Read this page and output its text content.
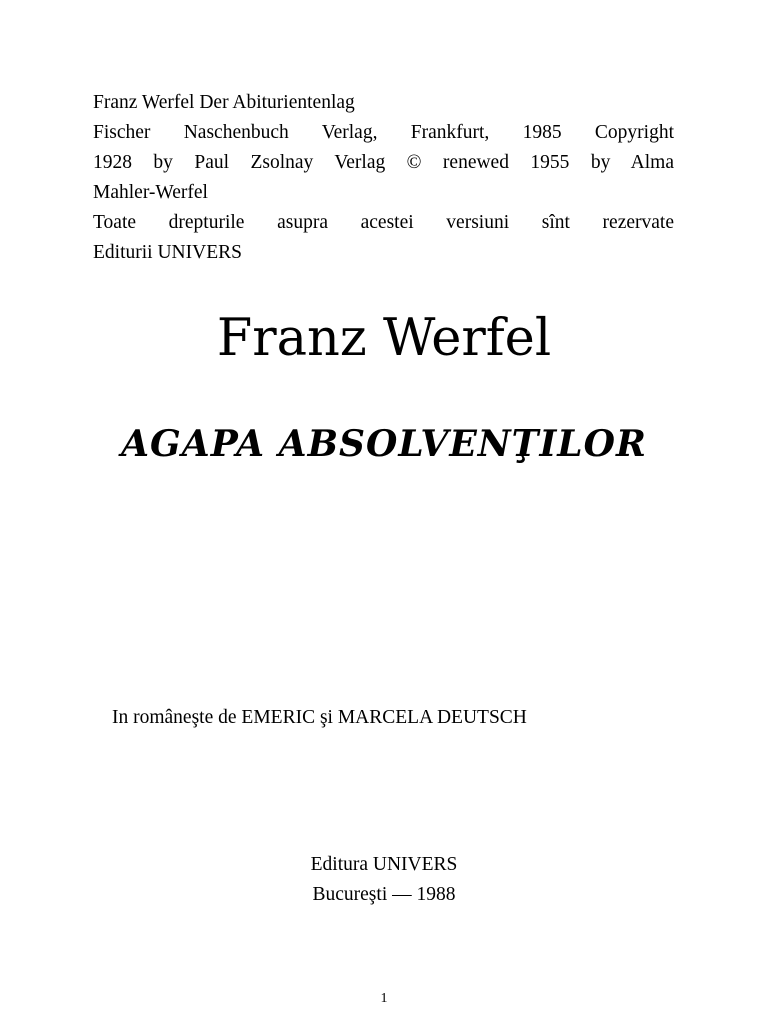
Franz Werfel Der Abiturientenlag
Fischer Naschenbuch Verlag, Frankfurt, 1985 Copyright
1928 by Paul Zsolnay Verlag © renewed 1955 by Alma
Mahler-Werfel
Toate drepturile asupra acestei versiuni sînt rezervate
Editurii UNIVERS
Franz Werfel
AGAPA ABSOLVENŢILOR
In româneşte de EMERIC şi MARCELA DEUTSCH
Editura UNIVERS
Bucureşti — 1988
1
